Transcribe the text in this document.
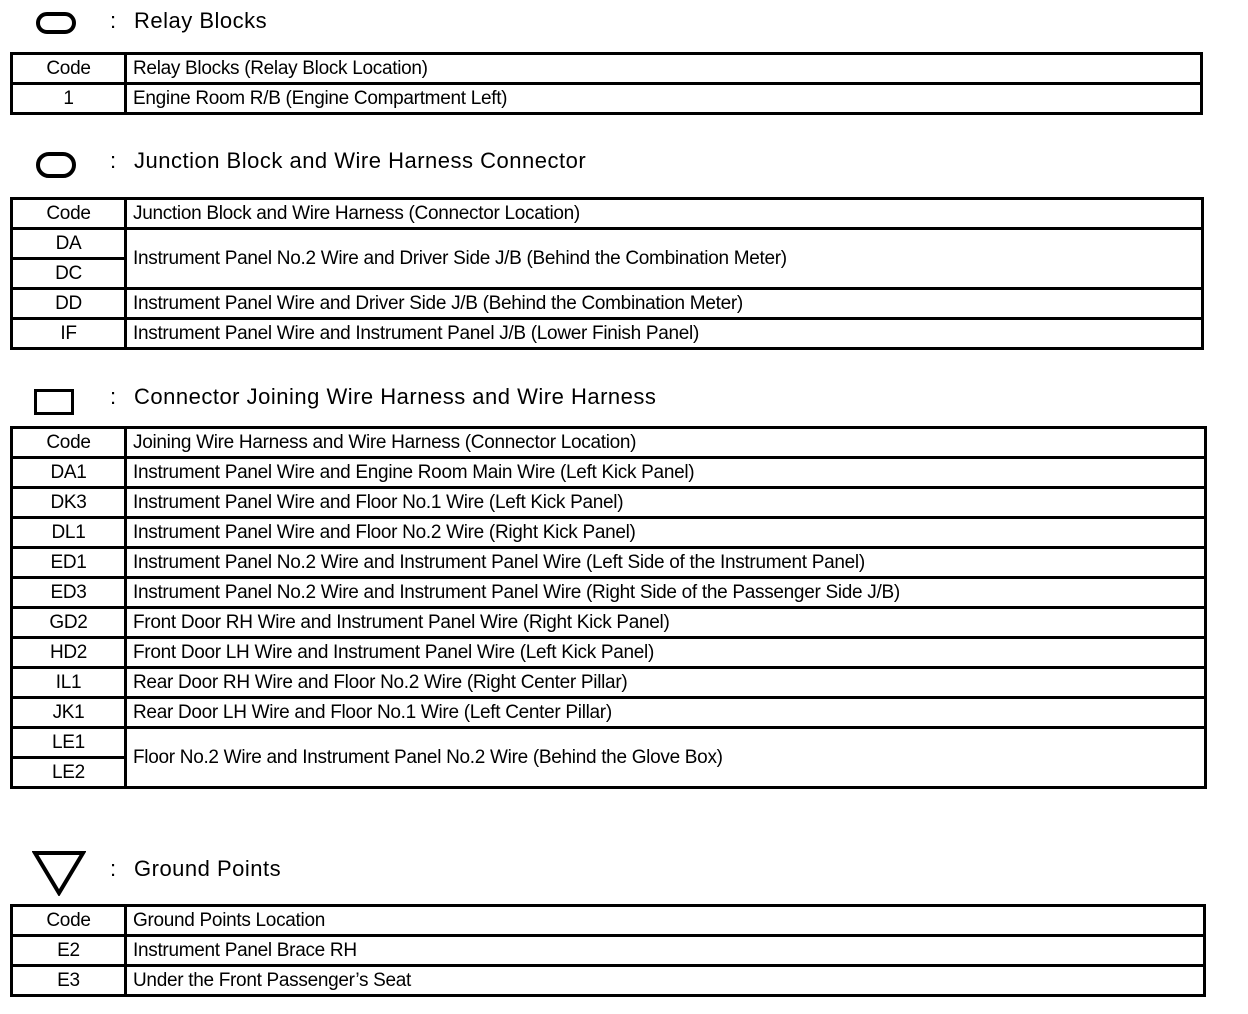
: Relay Blocks
Code	Relay Blocks (Relay Block Location)
1	Engine Room R/B (Engine Compartment Left)
: Junction Block and Wire Harness Connector
Code	Junction Block and Wire Harness (Connector Location)
DA	Instrument Panel No.2 Wire and Driver Side J/B (Behind the Combination Meter)
DC	
DD	Instrument Panel Wire and Driver Side J/B (Behind the Combination Meter)
IF	Instrument Panel Wire and Instrument Panel J/B (Lower Finish Panel)
: Connector Joining Wire Harness and Wire Harness
Code	Joining Wire Harness and Wire Harness (Connector Location)
DA1	Instrument Panel Wire and Engine Room Main Wire (Left Kick Panel)
DK3	Instrument Panel Wire and Floor No.1 Wire (Left Kick Panel)
DL1	Instrument Panel Wire and Floor No.2 Wire (Right Kick Panel)
ED1	Instrument Panel No.2 Wire and Instrument Panel Wire (Left Side of the Instrument Panel)
ED3	Instrument Panel No.2 Wire and Instrument Panel Wire (Right Side of the Passenger Side J/B)
GD2	Front Door RH Wire and Instrument Panel Wire (Right Kick Panel)
HD2	Front Door LH Wire and Instrument Panel Wire (Left Kick Panel)
IL1	Rear Door RH Wire and Floor No.2 Wire (Right Center Pillar)
JK1	Rear Door LH Wire and Floor No.1 Wire (Left Center Pillar)
LE1	Floor No.2 Wire and Instrument Panel No.2 Wire (Behind the Glove Box)
LE2	
: Ground Points
Code	Ground Points Location
E2	Instrument Panel Brace RH
E3	Under the Front Passenger’s Seat
